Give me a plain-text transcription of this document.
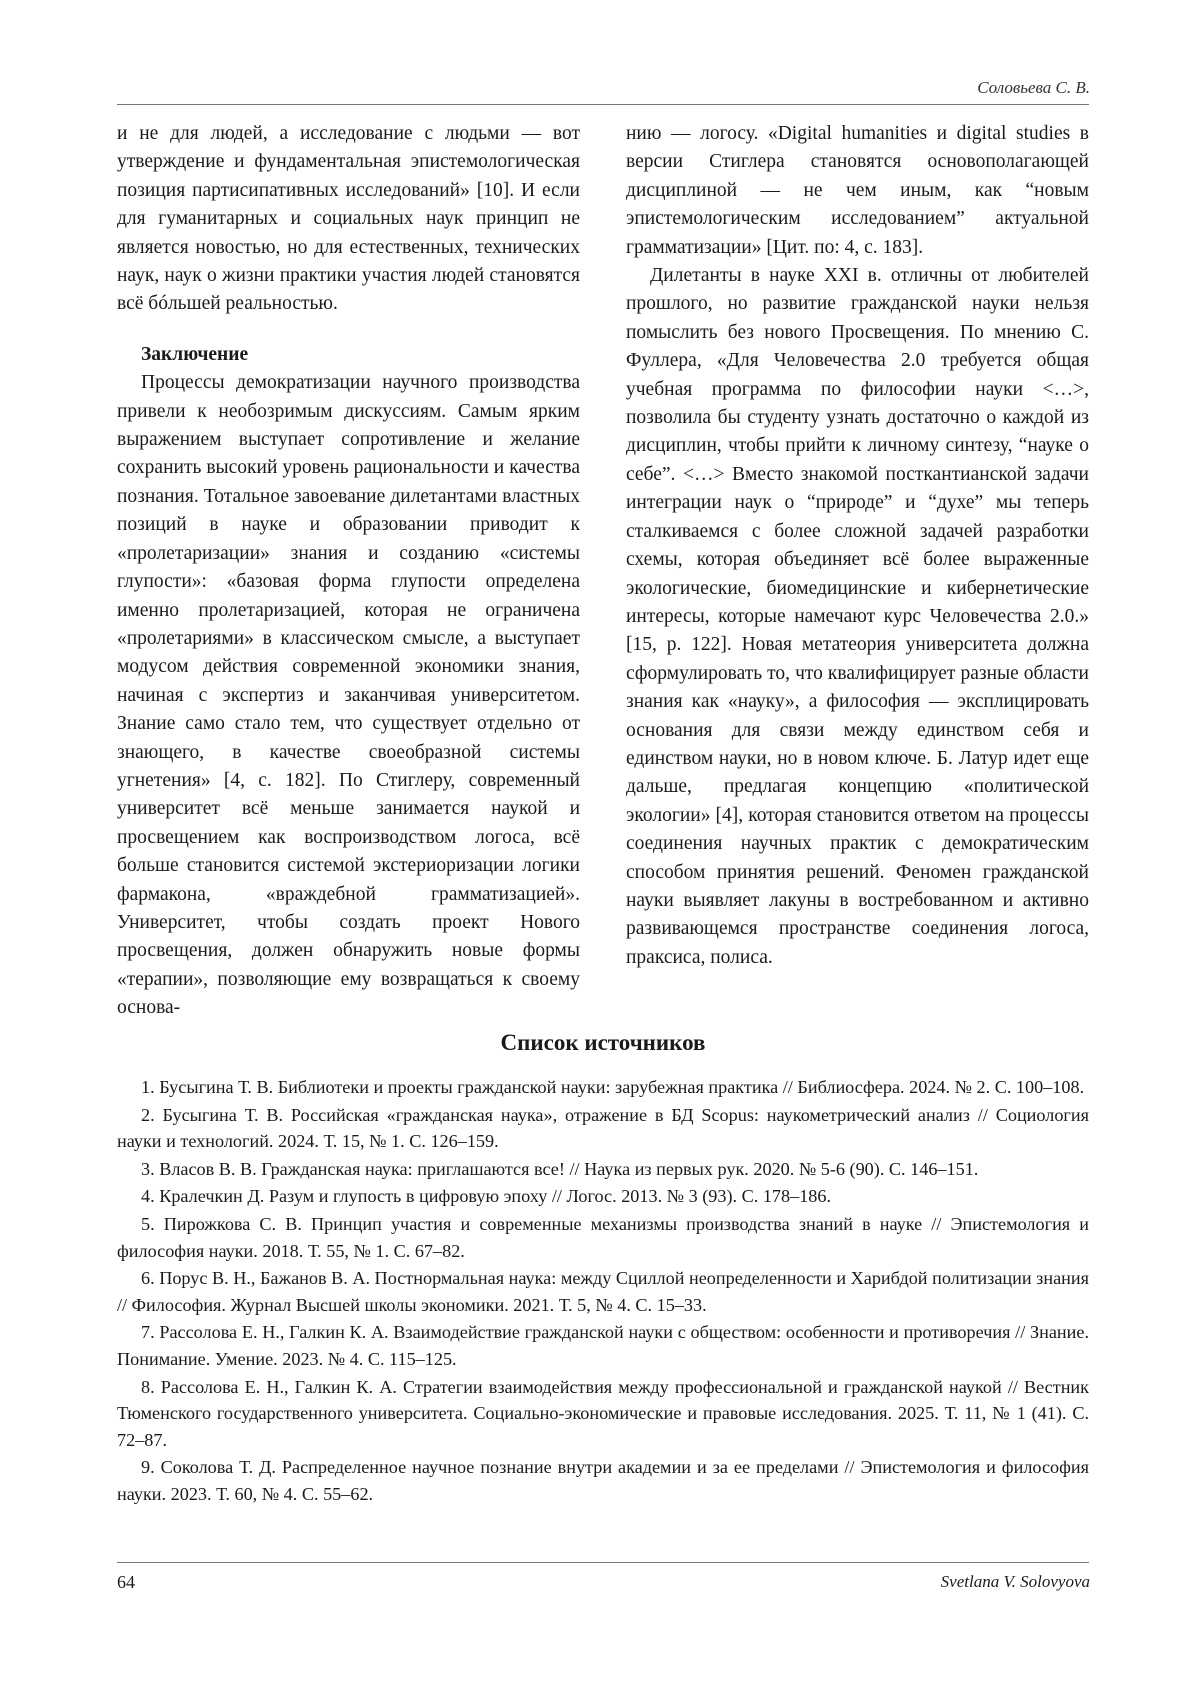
Соловьева С. В.

и не для людей, а исследование с людьми — вот утверждение и фундаментальная эпистемологическая позиция партисипативных исследований» [10]. И если для гуманитарных и социальных наук принцип не является новостью, но для естественных, технических наук, наук о жизни практики участия людей становятся всё бóльшей реальностью.

Заключение

Процессы демократизации научного производства привели к необозримым дискуссиям. Самым ярким выражением выступает сопротивление и желание сохранить высокий уровень рациональности и качества познания. Тотальное завоевание дилетантами властных позиций в науке и образовании приводит к «пролетаризации» знания и созданию «системы глупости»: «базовая форма глупости определена именно пролетаризацией, которая не ограничена «пролетариями» в классическом смысле, а выступает модусом действия современной экономики знания, начиная с экспертиз и заканчивая университетом. Знание само стало тем, что существует отдельно от знающего, в качестве своеобразной системы угнетения» [4, с. 182]. По Стиглеру, современный университет всё меньше занимается наукой и просвещением как воспроизводством логоса, всё больше становится системой экстериоризации логики фармакона, «враждебной грамматизацией». Университет, чтобы создать проект Нового просвещения, должен обнаружить новые формы «терапии», позволяющие ему возвращаться к своему основа-

нию — логосу. «Digital humanities и digital studies в версии Стиглера становятся основополагающей дисциплиной — не чем иным, как “новым эпистемологическим исследованием” актуальной грамматизации» [Цит. по: 4, с. 183].

Дилетанты в науке XXI в. отличны от любителей прошлого, но развитие гражданской науки нельзя помыслить без нового Просвещения. По мнению С. Фуллера, «Для Человечества 2.0 требуется общая учебная программа по философии науки <…>, позволила бы студенту узнать достаточно о каждой из дисциплин, чтобы прийти к личному синтезу, “науке о себе”. <…> Вместо знакомой посткантианской задачи интеграции наук о “природе” и “духе” мы теперь сталкиваемся с более сложной задачей разработки схемы, которая объединяет всё более выраженные экологические, биомедицинские и кибернетические интересы, которые намечают курс Человечества 2.0.» [15, p. 122]. Новая метатеория университета должна сформулировать то, что квалифицирует разные области знания как «науку», а философия — эксплицировать основания для связи между единством себя и единством науки, но в новом ключе. Б. Латур идет еще дальше, предлагая концепцию «политической экологии» [4], которая становится ответом на процессы соединения научных практик с демократическим способом принятия решений. Феномен гражданской науки выявляет лакуны в востребованном и активно развивающемся пространстве соединения логоса, праксиса, полиса.

Список источников
1. Бусыгина Т. В. Библиотеки и проекты гражданской науки: зарубежная практика // Библиосфера. 2024. № 2. С. 100–108.
2. Бусыгина Т. В. Российская «гражданская наука», отражение в БД Scopus: наукометрический анализ // Социология науки и технологий. 2024. Т. 15, № 1. С. 126–159.
3. Власов В. В. Гражданская наука: приглашаются все! // Наука из первых рук. 2020. № 5-6 (90). С. 146–151.
4. Кралечкин Д. Разум и глупость в цифровую эпоху // Логос. 2013. № 3 (93). С. 178–186.
5. Пирожкова С. В. Принцип участия и современные механизмы производства знаний в науке // Эпистемология и философия науки. 2018. Т. 55, № 1. С. 67–82.
6. Порус В. Н., Бажанов В. А. Постнормальная наука: между Сциллой неопределенности и Харибдой политизации знания // Философия. Журнал Высшей школы экономики. 2021. Т. 5, № 4. С. 15–33.
7. Рассолова Е. Н., Галкин К. А. Взаимодействие гражданской науки с обществом: особенности и противоречия // Знание. Понимание. Умение. 2023. № 4. С. 115–125.
8. Рассолова Е. Н., Галкин К. А. Стратегии взаимодействия между профессиональной и гражданской наукой // Вестник Тюменского государственного университета. Социально-экономические и правовые исследования. 2025. Т. 11, № 1 (41). С. 72–87.
9. Соколова Т. Д. Распределенное научное познание внутри академии и за ее пределами // Эпистемология и философия науки. 2023. Т. 60, № 4. С. 55–62.
64	Svetlana V. Solovyova
